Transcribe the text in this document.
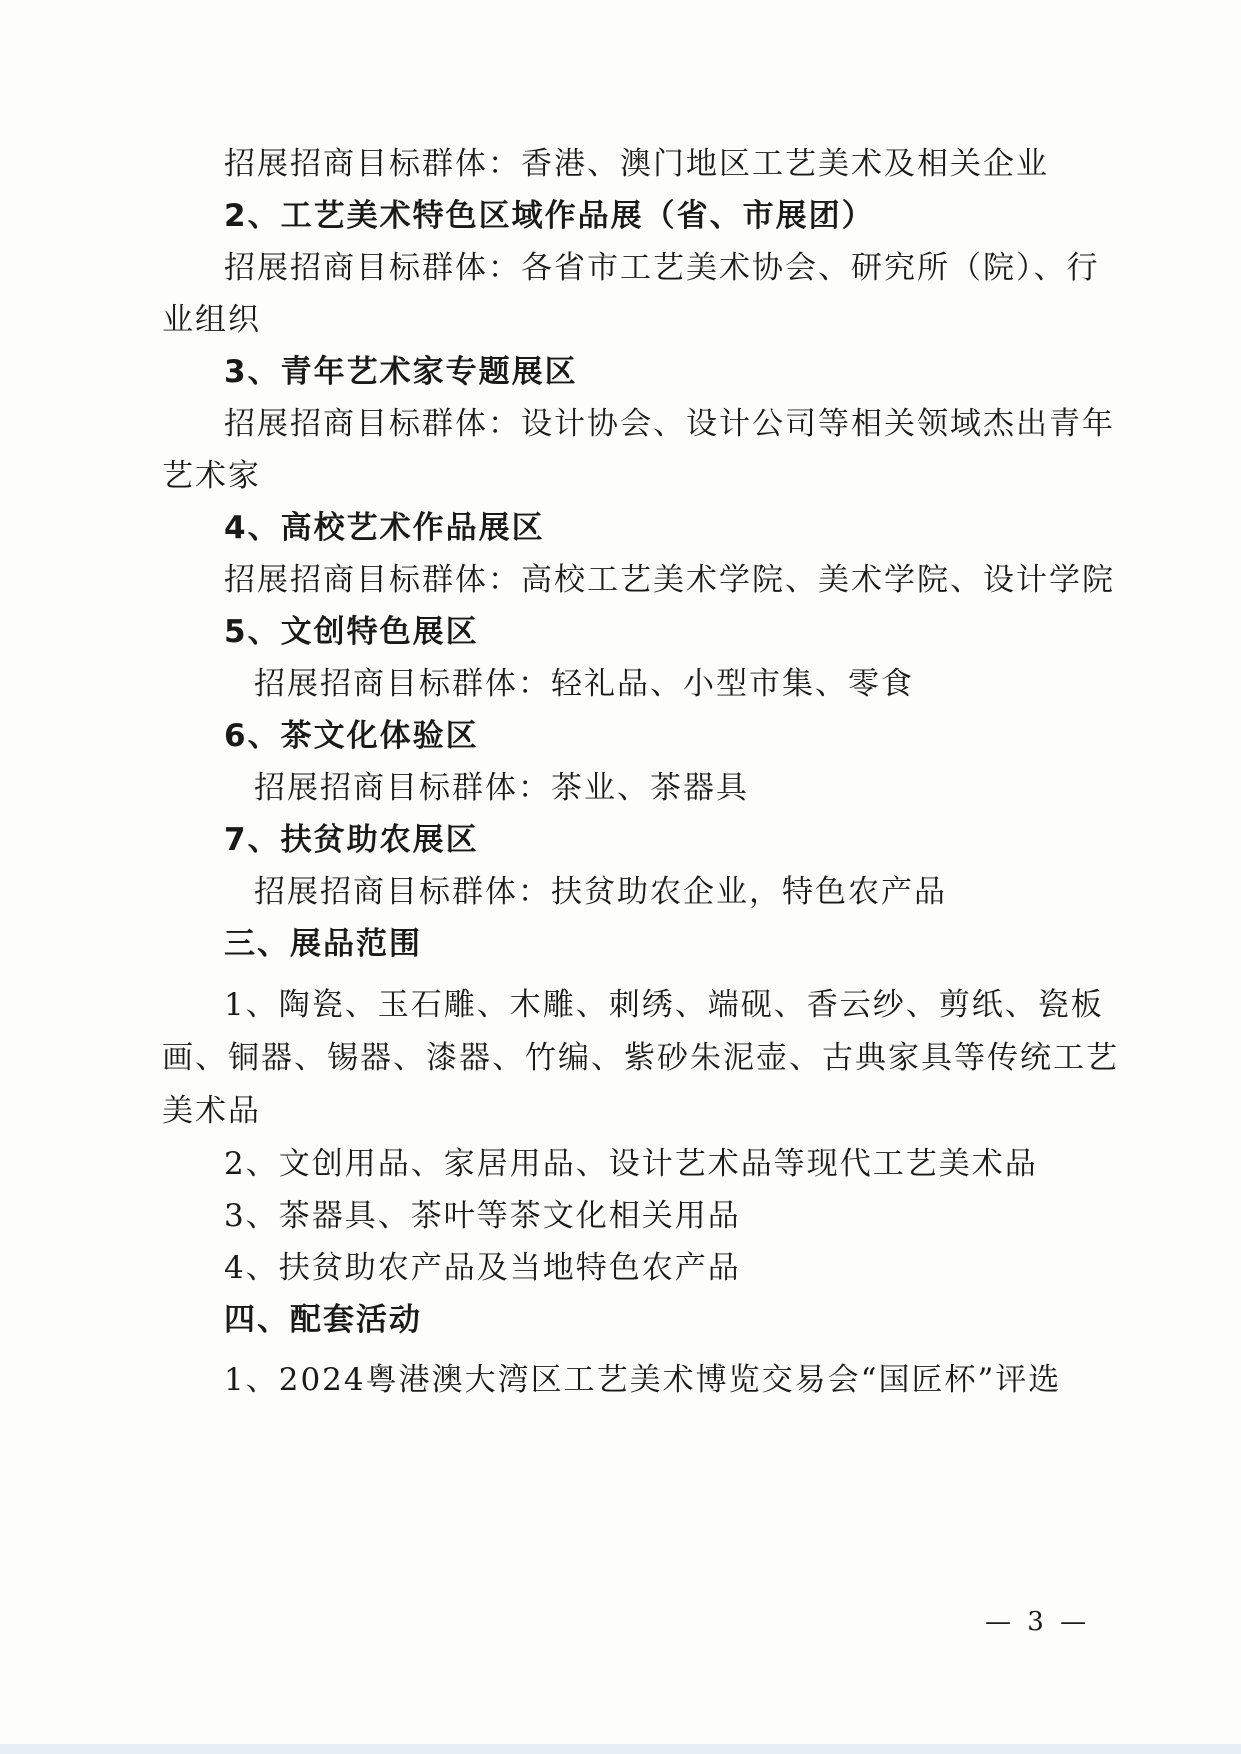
招展招商目标群体：香港、澳门地区工艺美术及相关企业
2、工艺美术特色区域作品展（省、市展团）
招展招商目标群体：各省市工艺美术协会、研究所（院）、行
业组织
3、青年艺术家专题展区
招展招商目标群体：设计协会、设计公司等相关领域杰出青年
艺术家
4、高校艺术作品展区
招展招商目标群体：高校工艺美术学院、美术学院、设计学院
5、文创特色展区
招展招商目标群体：轻礼品、小型市集、零食
6、茶文化体验区
招展招商目标群体：茶业、茶器具
7、扶贫助农展区
招展招商目标群体：扶贫助农企业，特色农产品
三、展品范围
1、陶瓷、玉石雕、木雕、刺绣、端砚、香云纱、剪纸、瓷板
画、铜器、锡器、漆器、竹编、紫砂朱泥壶、古典家具等传统工艺
美术品
2、文创用品、家居用品、设计艺术品等现代工艺美术品
3、茶器具、茶叶等茶文化相关用品
4、扶贫助农产品及当地特色农产品
四、配套活动
1、2024粤港澳大湾区工艺美术博览交易会“国匠杯”评选
— 3 —
